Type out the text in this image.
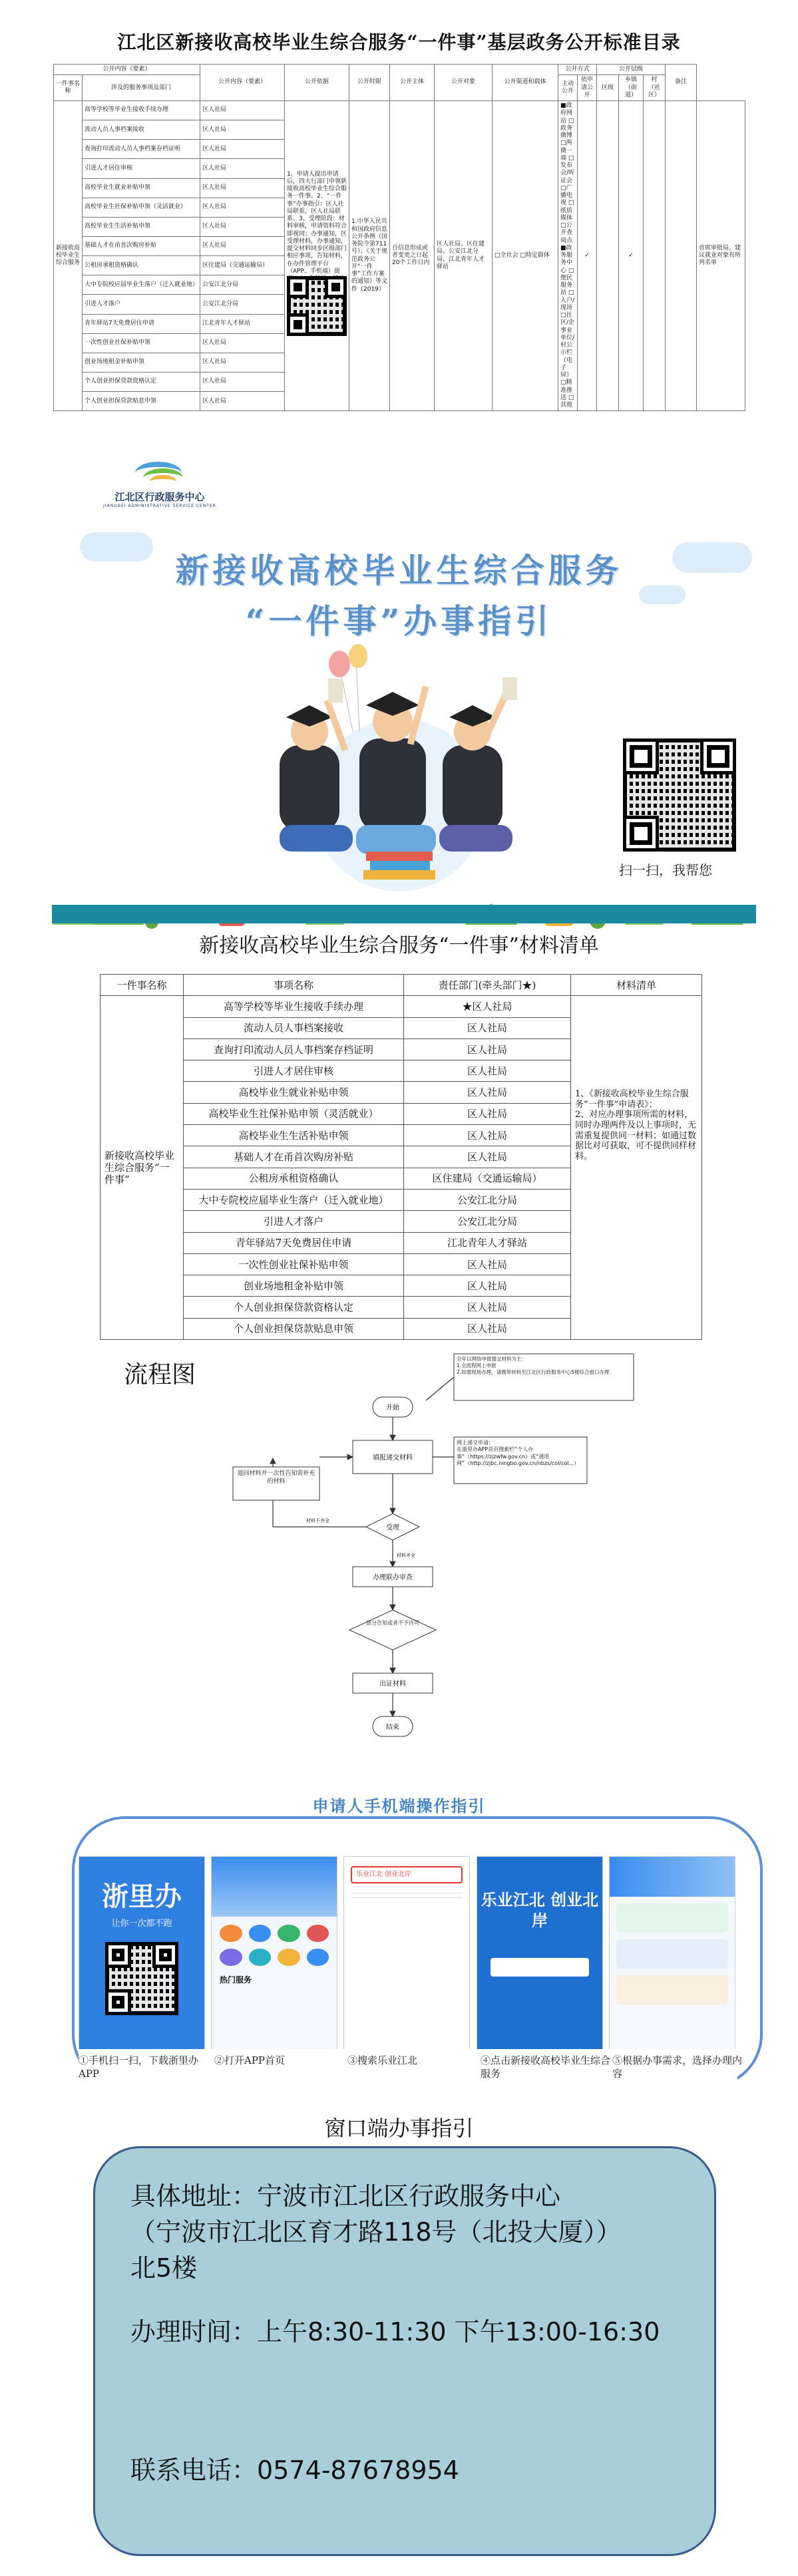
江北区新接收高校毕业生综合服务“一件事”基层政务公开标准目录
公开内容（要素）		公开内容（要素）	公开依据	公开时限	公开主体	公开对象	公开渠道和载体	公开方式		公开层级			备注	
一件事名称	涉及的服务事项及部门							主动公开	依申请公开	区级	乡镇（街道）	村（社区）		
新接收高校毕业生综合服务	高等学校等毕业生接收手续办理	区人社局	1、申请人提出申请后，四大行部门申领新接收高校毕业生综合服务一件事。2、“一件事”办事指引：区人社局联系，区人社局联系。3、受理阶段：材料审核，申请资料符合即视同；办事通知，区受理材料，办事通知，提交材料同步区级部门相应事项，告知材料，在办件管理平台（APP、手机端）提	1.中华人民共和国政府信息公开条例（国务院令第711号）；《关于规范政务公开“一件事”工作方案的通知》等文件（2019）	自信息形成或者变更之日起20个工作日内	区人社局、区住建局、公安江北分局、江北青年人才驿站	□全社会 □特定群体	■政府网站 □政务微博 □两微一端 □发布会/听证会 □广播电视 □纸质媒体 □公开查阅点 ■政务服务中心 □便民服务站 □入户/现场 □社区/企事业单位/村公示栏（电子屏） □精准推送 □其他	✓		✓			首席审批局，建议就业对象有所列名单
	流动人员人事档案接收	区人社局												
	查询打印流动人员人事档案存档证明	区人社局												
	引进人才居住审核	区人社局												
	高校毕业生就业补贴申领	区人社局												
	高校毕业生社保补贴申领（灵活就业）	区人社局												
	高校毕业生生活补贴申领	区人社局												
	基础人才在甬首次购房补贴	区人社局												
	公租房承租资格确认	区住建局（交通运输局）												
	大中专院校应届毕业生落户（迁入就业地）	公安江北分局												
	引进人才落户	公安江北分局												
	青年驿站7天免费居住申请	江北青年人才驿站												
	一次性创业社保补贴申领	区人社局												
	创业场地租金补贴申领	区人社局												
	个人创业担保贷款资格认定	区人社局												
	个人创业担保贷款贴息申领	区人社局												
江北区行政服务中心
JIANGBEI ADMINISTRATIVE SERVICE CENTER
新接收高校毕业生综合服务
“一件事”办事指引
扫一扫，我帮您
新接收高校毕业生综合服务“一件事”材料清单
一件事名称	事项名称	责任部门(牵头部门★)	材料清单
新接收高校毕业生综合服务“一件事”	高等学校等毕业生接收手续办理	★区人社局	1、《新接收高校毕业生综合服务“一件事”申请表》；
2、对应办理事项所需的材料，同时办理两件及以上事项时，无需重复提供同一材料；如通过数据比对可获取，可不提供同样材料。
	流动人员人事档案接收	区人社局	
	查询打印流动人员人事档案存档证明	区人社局	
	引进人才居住审核	区人社局	
	高校毕业生就业补贴申领	区人社局	
	高校毕业生社保补贴申领（灵活就业）	区人社局	
	高校毕业生生活补贴申领	区人社局	
	基础人才在甬首次购房补贴	区人社局	
	公租房承租资格确认	区住建局（交通运输局）	
	大中专院校应届毕业生落户（迁入就业地）	公安江北分局	
	引进人才落户	公安江北分局	
	青年驿站7天免费居住申请	江北青年人才驿站	
	一次性创业社保补贴申领	区人社局	
	创业场地租金补贴申领	区人社局	
	个人创业担保贷款资格认定	区人社局	
	个人创业担保贷款贴息申领	区人社局	
流程图
开始
填报递交材料
全年以网络申报提交材料为主：
1.全流程网上申报
2.如需现场办理，请携带材料至江北区行政服务中心5楼综合窗口办理
网上递交申请：
在浙里办APP首页搜索栏“个人办事”（https://zjzwfw.gov.cn）或“通用网”（http://zjbc.ningbo.gov.cn/nbzs/col/col...）
退回材料并一次性告知需补充的材料
受理
材料不齐全
材料齐全
办理联办审查
部分告知或者不予许可
出证材料
结束
申请人手机端操作指引
浙里办
让你一次都不跑
热门服务
乐业江北 创业北岸
乐业江北 创业北岸
①手机扫一扫，下载浙里办APP
②打开APP首页	③搜索乐业江北	④点击新接收高校毕业生综合服务
⑤根据办事需求，选择办理内容
窗口端办事指引
具体地址：宁波市江北区行政服务中心
（宁波市江北区育才路118号（北投大厦））
北5楼
办理时间：上午8:30-11:30 下午13:00-16:30
联系电话：0574-87678954
